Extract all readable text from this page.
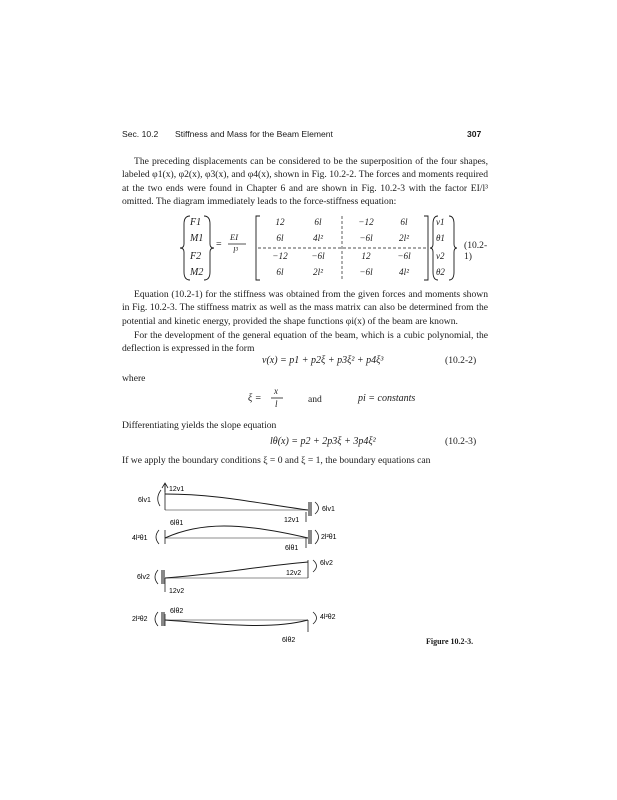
Sec. 10.2 Stiffness and Mass for the Beam Element	307
The preceding displacements can be considered to be the superposition of the four shapes, labeled φ1(x), φ2(x), φ3(x), and φ4(x), shown in Fig. 10.2-2. The forces and moments required at the two ends were found in Chapter 6 and are shown in Fig. 10.2-3 with the factor EI/l³ omitted. The diagram immediately leads to the force-stiffness equation:
F1
M1
F2
M2
=
EI
l³
12	6l	−12	6l
6l	4l²	−6l	2l²
−12	−6l	12	−6l
6l	2l²	−6l	4l²
v1
θ1
v2
θ2
(10.2-1)
Equation (10.2-1) for the stiffness was obtained from the given forces and moments shown in Fig. 10.2-3. The stiffness matrix as well as the mass matrix can also be determined from the potential and kinetic energy, provided the shape functions φi(x) of the beam are known.
For the development of the general equation of the beam, which is a cubic polynomial, the deflection is expressed in the form
v(x) = p1 + p2ξ + p3ξ² + p4ξ³	(10.2-2)
where
ξ =
x
l	and	pi = constants
Differentiating yields the slope equation
lθ(x) = p2 + 2p3ξ + 3p4ξ²	(10.2-3)
If we apply the boundary conditions ξ = 0 and ξ = 1, the boundary equations can
6lv1
12v1
12v1
6lv1
4l²θ1
6lθ1
6lθ1
2l²θ1
6lv2
12v2
12v2
6lv2
2l²θ2
6lθ2
6lθ2
4l²θ2
Figure 10.2-3.
